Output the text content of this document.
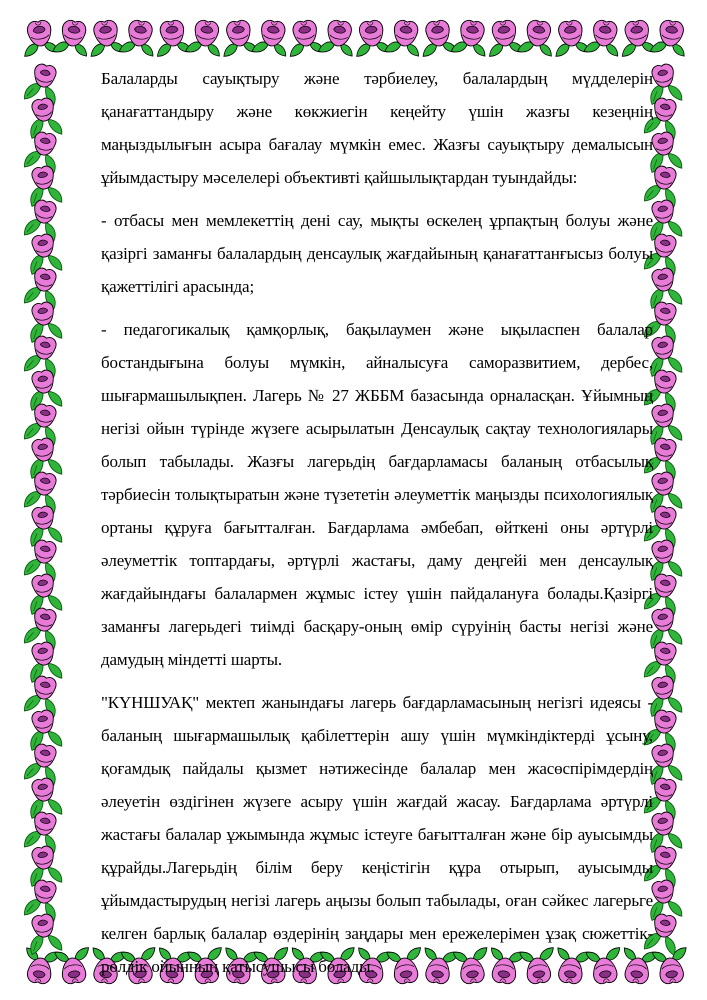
Балаларды сауықтыру және тәрбиелеу, балалардың мүдделерін қанағаттандыру және көкжиегін кеңейту үшін жазғы кезеңнің маңыздылығын асыра бағалау мүмкін емес. Жазғы сауықтыру демалысын ұйымдастыру мәселелері объективті қайшылықтардан туындайды:

- отбасы мен мемлекеттің дені сау, мықты өскелең ұрпақтың болуы және қазіргі заманғы балалардың денсаулық жағдайының қанағаттанғысыз болуы қажеттілігі арасында;

- педагогикалық қамқорлық, бақылаумен және ықыласпен балалар бостандығына болуы мүмкін, айналысуға саморазвитием, дербес, шығармашылықпен. Лагерь № 27 ЖББМ базасында орналасқан. Ұйымның негізі ойын түрінде жүзеге асырылатын Денсаулық сақтау технологиялары болып табылады. Жазғы лагерьдің бағдарламасы баланың отбасылық тәрбиесін толықтыратын және түзететін әлеуметтік маңызды психологиялық ортаны құруға бағытталған. Бағдарлама әмбебап, өйткені оны әртүрлі әлеуметтік топтардағы, әртүрлі жастағы, даму деңгейі мен денсаулық жағдайындағы балалармен жұмыс істеу үшін пайдалануға болады.Қазіргі заманғы лагерьдегі тиімді басқару-оның өмір сүруінің басты негізі және дамудың міндетті шарты.

"КҮНШУАҚ" мектеп жанындағы лагерь бағдарламасының негізгі идеясы - баланың шығармашылық қабілеттерін ашу үшін мүмкіндіктерді ұсыну, қоғамдық пайдалы қызмет нәтижесінде балалар мен жасөспірімдердің әлеуетін өздігінен жүзеге асыру үшін жағдай жасау. Бағдарлама әртүрлі жастағы балалар ұжымында жұмыс істеуге бағытталған және бір ауысымды құрайды.Лагерьдің білім беру кеңістігін құра отырып, ауысымды ұйымдастырудың негізі лагерь аңызы болып табылады, оған сәйкес лагерьге келген барлық балалар өздерінің заңдары мен ережелерімен ұзақ сюжеттік-рөлдік ойынның қатысушысы болады.
